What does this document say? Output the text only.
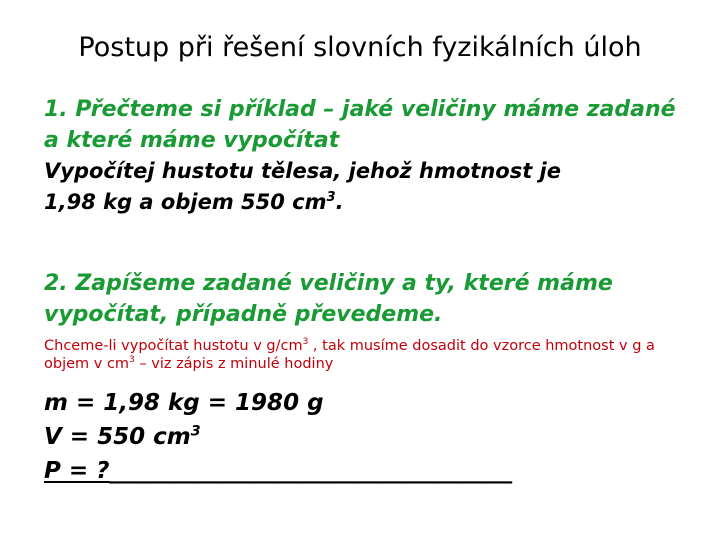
Postup při řešení slovních fyzikálních úloh
1. Přečteme si příklad – jaké veličiny máme zadané a které máme vypočítat
Vypočítej hustotu tělesa, jehož hmotnost je
1,98 kg a objem 550 $cm^3$.
2. Zapíšeme zadané veličiny a ty, které máme vypočítat, případně převedeme.
Chceme-li vypočítat hustotu v $g/cm^3$ , tak musíme dosadit do vzorce hmotnost v g a objem v $cm^3$ – viz zápis z minulé hodiny
m = 1,98 kg = 1980 g
V = 550 $cm^3$
Ρ = ?___________________________________
